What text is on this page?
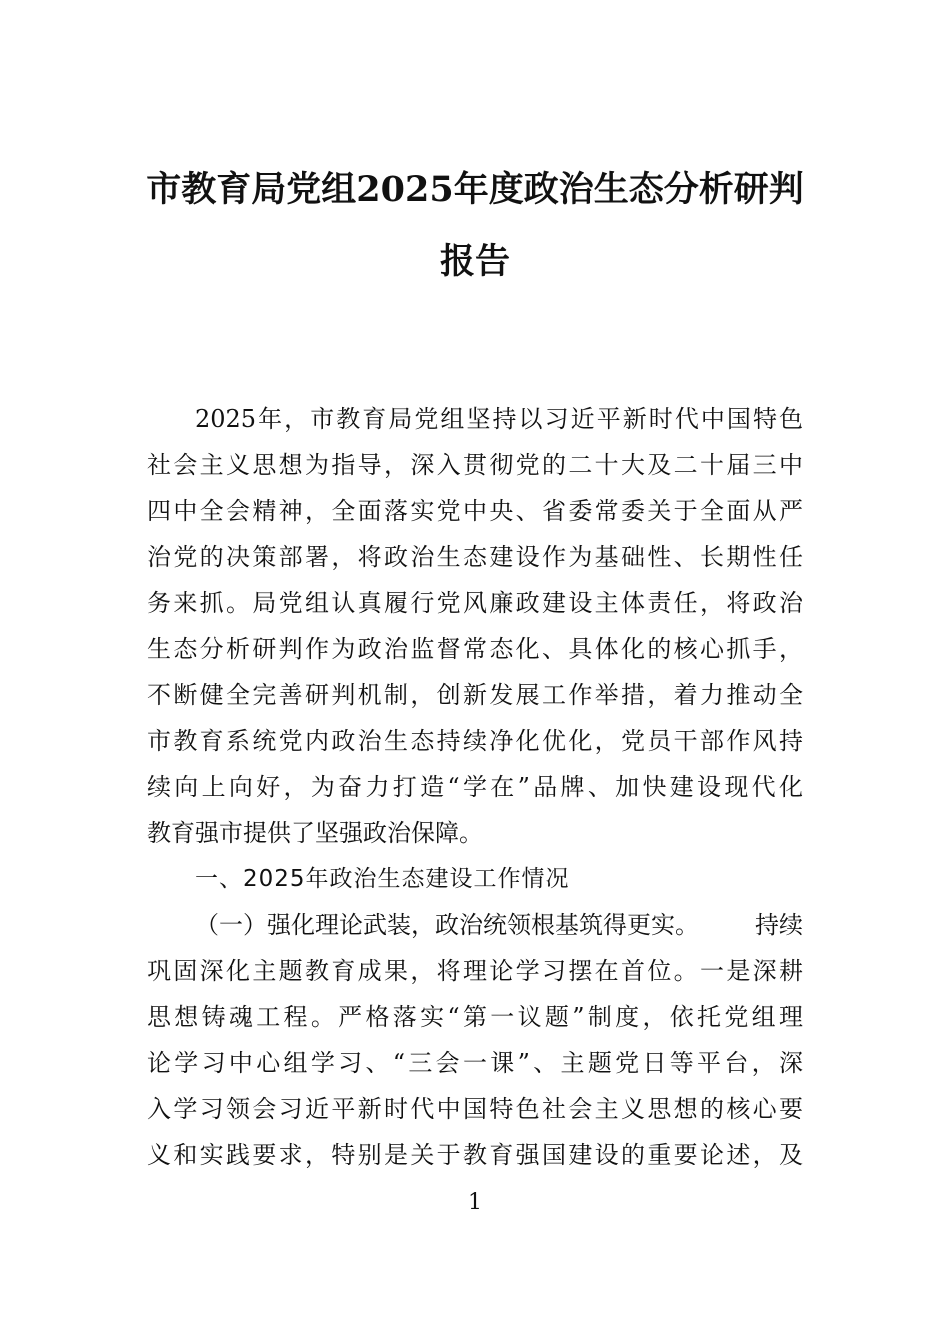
市教育局党组2025年度政治生态分析研判
报告
2025年，市教育局党组坚持以习近平新时代中国特色
社会主义思想为指导，深入贯彻党的二十大及二十届三中
四中全会精神，全面落实党中央、省委常委关于全面从严
治党的决策部署，将政治生态建设作为基础性、长期性任
务来抓。局党组认真履行党风廉政建设主体责任，将政治
生态分析研判作为政治监督常态化、具体化的核心抓手，
不断健全完善研判机制，创新发展工作举措，着力推动全
市教育系统党内政治生态持续净化优化，党员干部作风持
续向上向好，为奋力打造“学在”品牌、加快建设现代化
教育强市提供了坚强政治保障。
一、2025年政治生态建设工作情况
（一）强化理论武装，政治统领根基筑得更实。 持续
巩固深化主题教育成果，将理论学习摆在首位。一是深耕
思想铸魂工程。严格落实“第一议题”制度，依托党组理
论学习中心组学习、“三会一课”、主题党日等平台，深
入学习领会习近平新时代中国特色社会主义思想的核心要
义和实践要求，特别是关于教育强国建设的重要论述，及
1
